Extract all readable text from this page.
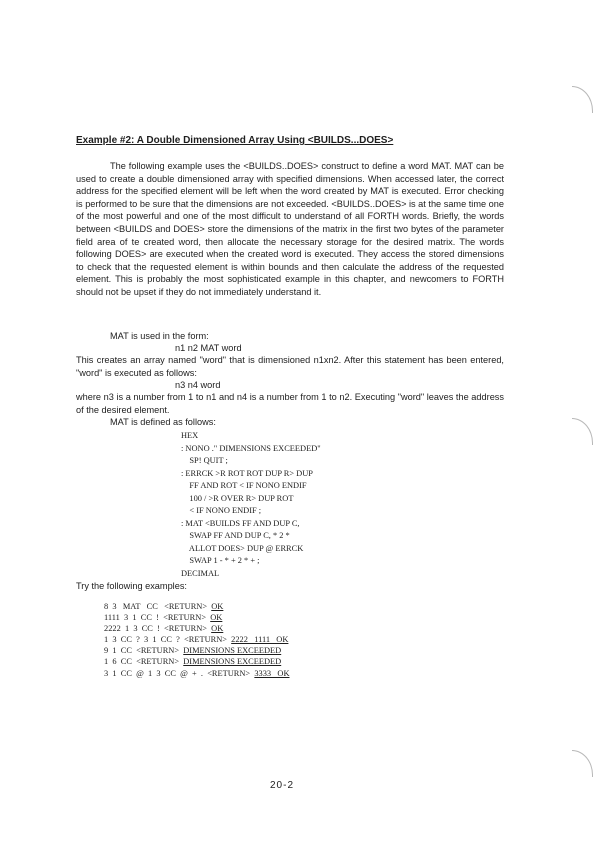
Example #2: A Double Dimensioned Array Using <BUILDS...DOES>

The following example uses the <BUILDS..DOES> construct to define a word MAT. MAT can be used to create a double dimensioned array with specified dimensions. When accessed later, the correct address for the specified element will be left when the word created by MAT is executed. Error checking is performed to be sure that the dimensions are not exceeded. <BUILDS..DOES> is at the same time one of the most powerful and one of the most difficult to understand of all FORTH words. Briefly, the words between <BUILDS and DOES> store the dimensions of the matrix in the first two bytes of the parameter field area of te created word, then allocate the necessary storage for the desired matrix. The words following DOES> are executed when the created word is executed. They access the stored dimensions to check that the requested element is within bounds and then calculate the address of the requested element. This is probably the most sophisticated example in this chapter, and newcomers to FORTH should not be upset if they do not immediately understand it.

MAT is used in the form:

n1 n2 MAT word

This creates an array named "word" that is dimensioned n1xn2. After this statement has been entered, "word" is executed as follows:

n3 n4 word

where n3 is a number from 1 to n1 and n4 is a number from 1 to n2. Executing "word" leaves the address of the desired element.

MAT is defined as follows:

HEX
: NONO ." DIMENSIONS EXCEEDED"
SP! QUIT ;
: ERRCK >R ROT ROT DUP R> DUP
FF AND ROT < IF NONO ENDIF
100 / >R OVER R> DUP ROT
< IF NONO ENDIF ;
: MAT <BUILDS FF AND DUP C,
SWAP FF AND DUP C, * 2 *
ALLOT DOES> DUP @ ERRCK
SWAP 1 - * + 2 * + ;
DECIMAL

Try the following examples:

8  3   MAT   CC   <RETURN>  OK

1111  3  1  CC  !  <RETURN>  OK

2222  1  3  CC  !  <RETURN>  OK

1  3  CC  ?  3  1  CC  ?  <RETURN>  2222   1111   OK

9  1  CC  <RETURN>  DIMENSIONS EXCEEDED

1  6  CC  <RETURN>  DIMENSIONS EXCEEDED

3  1  CC  @  1  3  CC  @  +  .  <RETURN>  3333   OK

20-2
